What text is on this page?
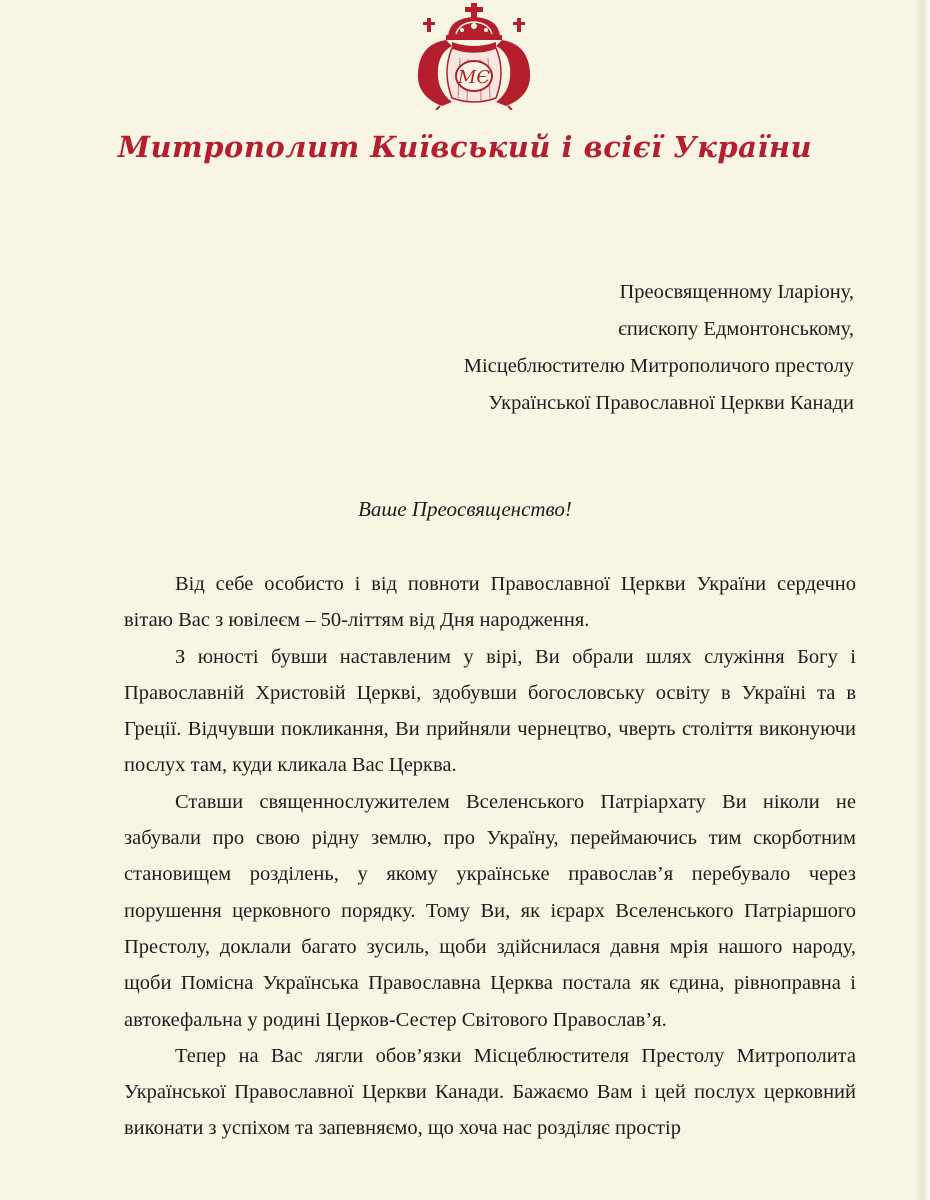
МЄ
Митрополит Київський і всієї України
Преосвященному Іларіону,
єпископу Едмонтонському,
Місцеблюстителю Митрополичого престолу
Української Православної Церкви Канади
Ваше Преосвященство!

Від себе особисто і від повноти Православної Церкви України сердечно вітаю Вас з ювілеєм – 50-літтям від Дня народження.

З юності бувши наставленим у вірі, Ви обрали шлях служіння Богу і Православній Христовій Церкві, здобувши богословську освіту в Україні та в Греції. Відчувши покликання, Ви прийняли чернецтво, чверть століття виконуючи послух там, куди кликала Вас Церква.

Ставши священнослужителем Вселенського Патріархату Ви ніколи не забували про свою рідну землю, про Україну, переймаючись тим скорботним становищем розділень, у якому українське православ’я перебувало через порушення церковного порядку. Тому Ви, як ієрарх Вселенського Патріаршого Престолу, доклали багато зусиль, щоби здійснилася давня мрія нашого народу, щоби Помісна Українська Православна Церква постала як єдина, рівноправна і автокефальна у родині Церков-Сестер Світового Православ’я.

Тепер на Вас лягли обов’язки Місцеблюстителя Престолу Митрополита Української Православної Церкви Канади. Бажаємо Вам і цей послух церковний виконати з успіхом та запевняємо, що хоча нас розділяє простір
